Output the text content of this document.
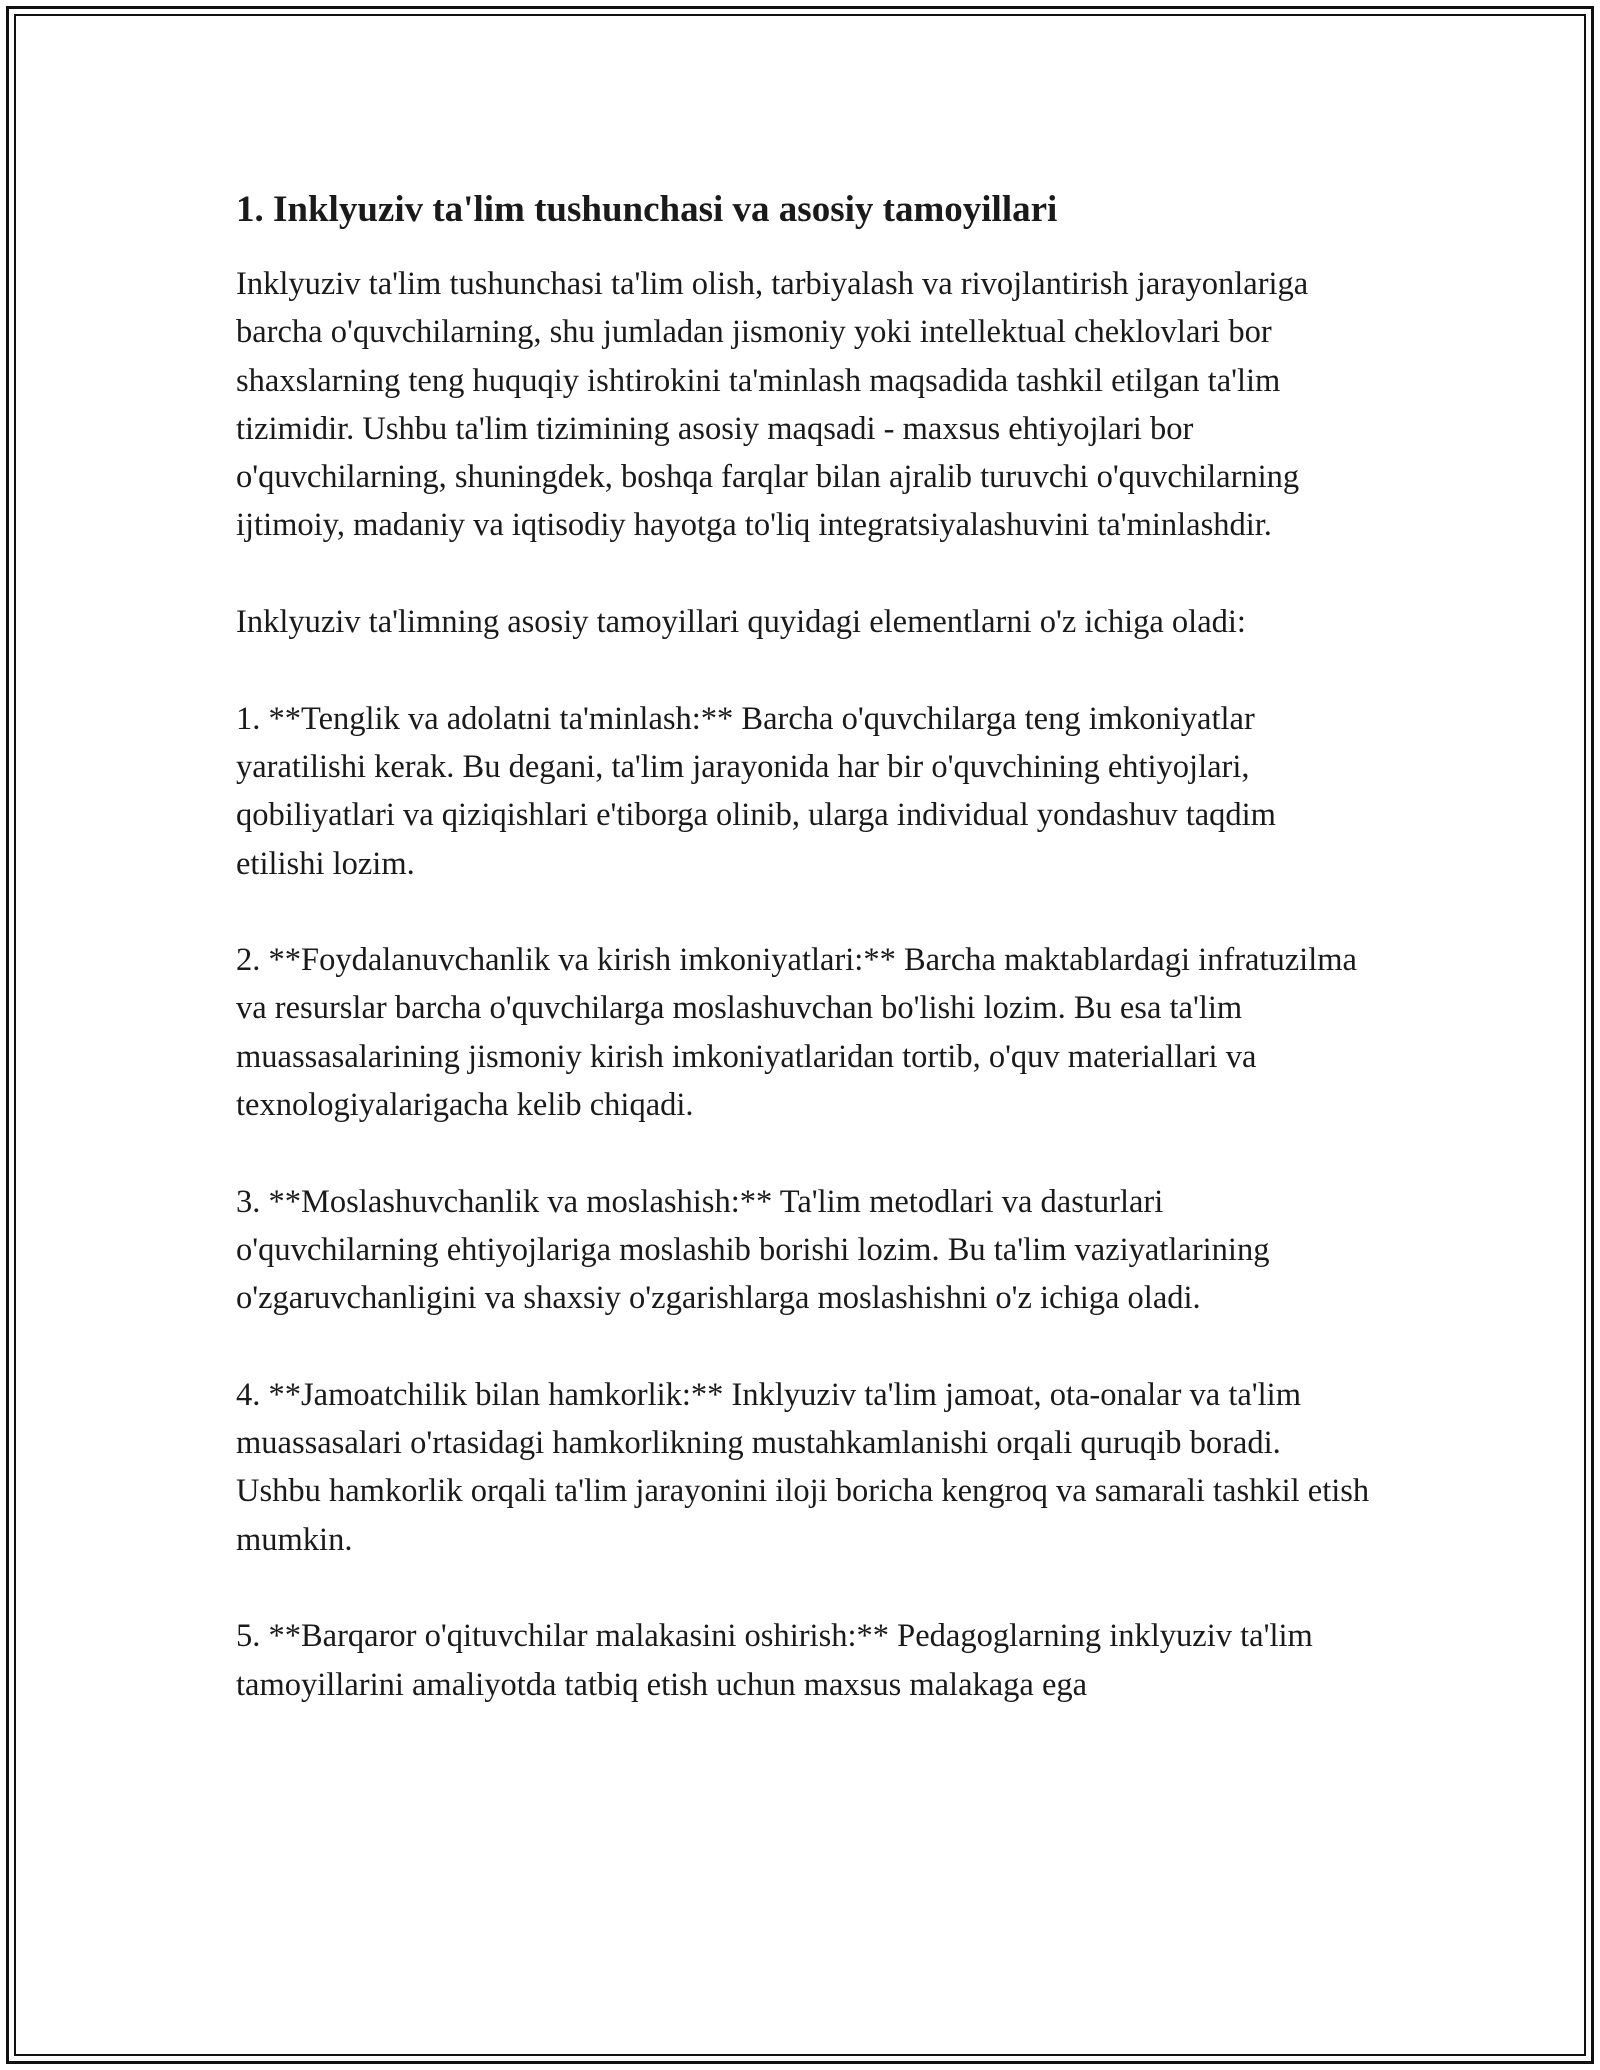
1. Inklyuziv ta'lim tushunchasi va asosiy tamoyillari

Inklyuziv ta'lim tushunchasi ta'lim olish, tarbiyalash va rivojlantirish jarayonlariga barcha o'quvchilarning, shu jumladan jismoniy yoki intellektual cheklovlari bor shaxslarning teng huquqiy ishtirokini ta'minlash maqsadida tashkil etilgan ta'lim tizimidir. Ushbu ta'lim tizimining asosiy maqsadi - maxsus ehtiyojlari bor o'quvchilarning, shuningdek, boshqa farqlar bilan ajralib turuvchi o'quvchilarning ijtimoiy, madaniy va iqtisodiy hayotga to'liq integratsiyalashuvini ta'minlashdir.

Inklyuziv ta'limning asosiy tamoyillari quyidagi elementlarni o'z ichiga oladi:

1. **Tenglik va adolatni ta'minlash:** Barcha o'quvchilarga teng imkoniyatlar yaratilishi kerak. Bu degani, ta'lim jarayonida har bir o'quvchining ehtiyojlari, qobiliyatlari va qiziqishlari e'tiborga olinib, ularga individual yondashuv taqdim etilishi lozim.

2. **Foydalanuvchanlik va kirish imkoniyatlari:** Barcha maktablardagi infratuzilma va resurslar barcha o'quvchilarga moslashuvchan bo'lishi lozim. Bu esa ta'lim muassasalarining jismoniy kirish imkoniyatlaridan tortib, o'quv materiallari va texnologiyalarigacha kelib chiqadi.

3. **Moslashuvchanlik va moslashish:** Ta'lim metodlari va dasturlari o'quvchilarning ehtiyojlariga moslashib borishi lozim. Bu ta'lim vaziyatlarining o'zgaruvchanligini va shaxsiy o'zgarishlarga moslashishni o'z ichiga oladi.

4. **Jamoatchilik bilan hamkorlik:** Inklyuziv ta'lim jamoat, ota-onalar va ta'lim muassasalari o'rtasidagi hamkorlikning mustahkamlanishi orqali quruqib boradi. Ushbu hamkorlik orqali ta'lim jarayonini iloji boricha kengroq va samarali tashkil etish mumkin.

5. **Barqaror o'qituvchilar malakasini oshirish:** Pedagoglarning inklyuziv ta'lim tamoyillarini amaliyotda tatbiq etish uchun maxsus malakaga ega
